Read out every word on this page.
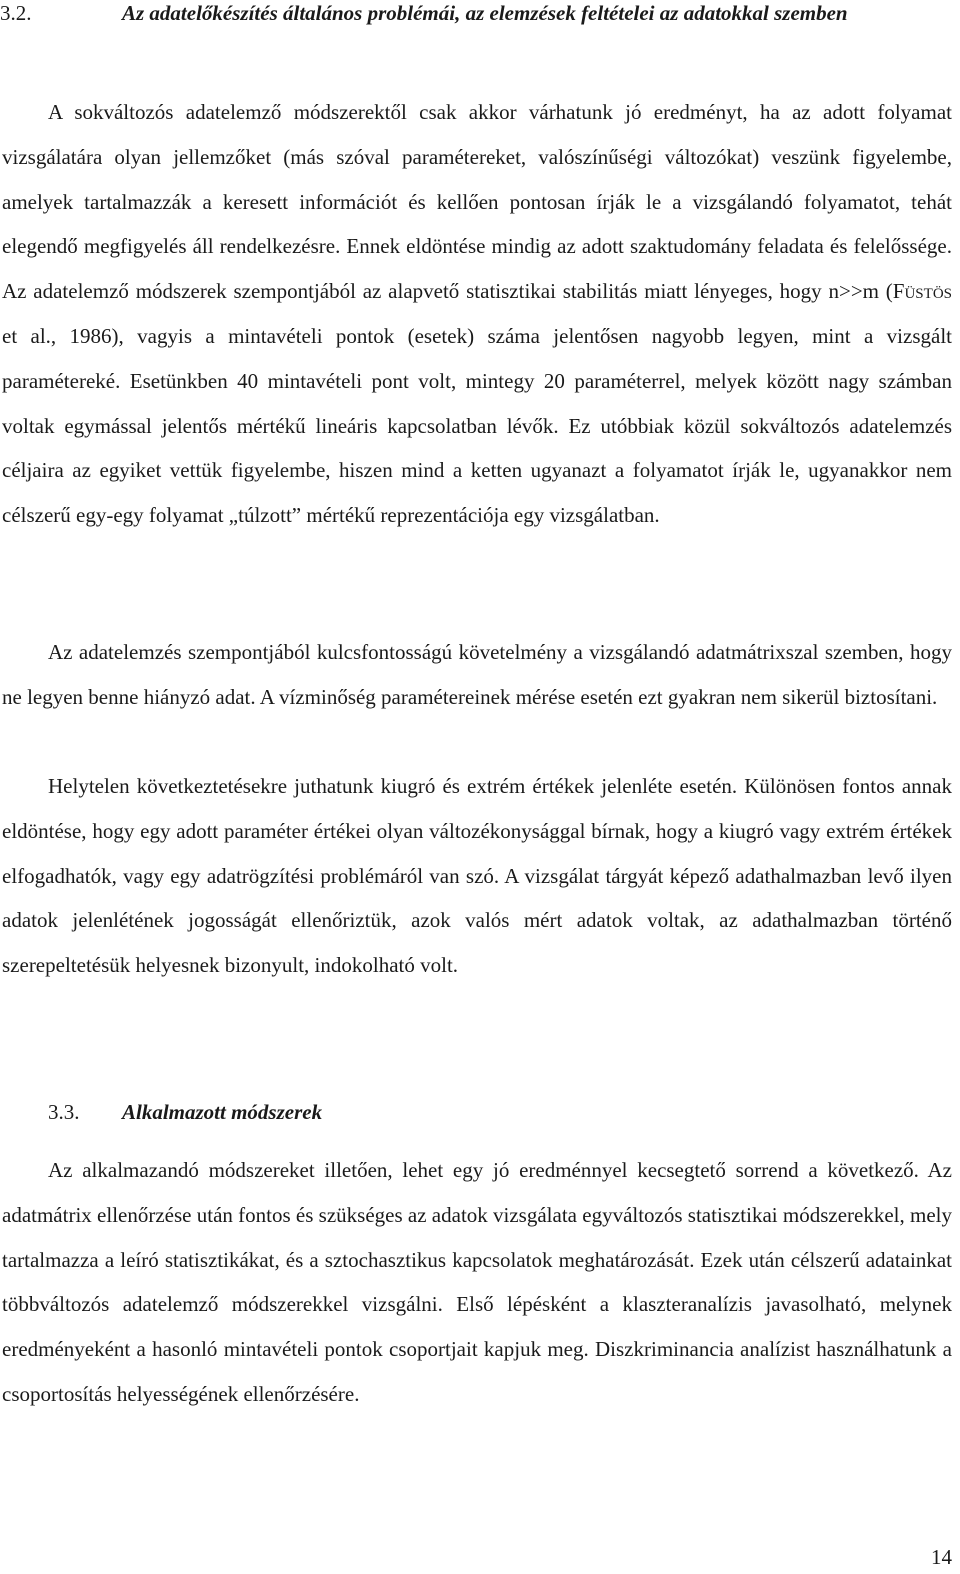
3.2.	Az adatelőkészítés általános problémái, az elemzések feltételei az adatokkal szemben

A sokváltozós adatelemző módszerektől csak akkor várhatunk jó eredményt, ha az adott folyamat vizsgálatára olyan jellemzőket (más szóval paramétereket, valószínűségi változókat) veszünk figyelembe, amelyek tartalmazzák a keresett információt és kellően pontosan írják le a vizsgálandó folyamatot, tehát elegendő megfigyelés áll rendelkezésre. Ennek eldöntése mindig az adott szaktudomány feladata és felelőssége. Az adatelemző módszerek szempontjából az alapvető statisztikai stabilitás miatt lényeges, hogy n>>m (Füstös et al., 1986), vagyis a mintavételi pontok (esetek) száma jelentősen nagyobb legyen, mint a vizsgált paramétereké. Esetünkben 40 mintavételi pont volt, mintegy 20 paraméterrel, melyek között nagy számban voltak egymással jelentős mértékű lineáris kapcsolatban lévők. Ez utóbbiak közül sokváltozós adatelemzés céljaira az egyiket vettük figyelembe, hiszen mind a ketten ugyanazt a folyamatot írják le, ugyanakkor nem célszerű egy-egy folyamat „túlzott” mértékű reprezentációja egy vizsgálatban.

Az adatelemzés szempontjából kulcsfontosságú követelmény a vizsgálandó adatmátrixszal szemben, hogy ne legyen benne hiányzó adat. A vízminőség paramétereinek mérése esetén ezt gyakran nem sikerül biztosítani.

Helytelen következtetésekre juthatunk kiugró és extrém értékek jelenléte esetén. Különösen fontos annak eldöntése, hogy egy adott paraméter értékei olyan változékonysággal bírnak, hogy a kiugró vagy extrém értékek elfogadhatók, vagy egy adatrögzítési problémáról van szó. A vizsgálat tárgyát képező adathalmazban levő ilyen adatok jelenlétének jogosságát ellenőriztük, azok valós mért adatok voltak, az adathalmazban történő szerepeltetésük helyesnek bizonyult, indokolható volt.

3.3. Alkalmazott módszerek

Az alkalmazandó módszereket illetően, lehet egy jó eredménnyel kecsegtető sorrend a következő. Az adatmátrix ellenőrzése után fontos és szükséges az adatok vizsgálata egyváltozós statisztikai módszerekkel, mely tartalmazza a leíró statisztikákat, és a sztochasztikus kapcsolatok meghatározását. Ezek után célszerű adatainkat többváltozós adatelemző módszerekkel vizsgálni. Első lépésként a klaszteranalízis javasolható, melynek eredményeként a hasonló mintavételi pontok csoportjait kapjuk meg. Diszkriminancia analízist használhatunk a csoportosítás helyességének ellenőrzésére.

14
